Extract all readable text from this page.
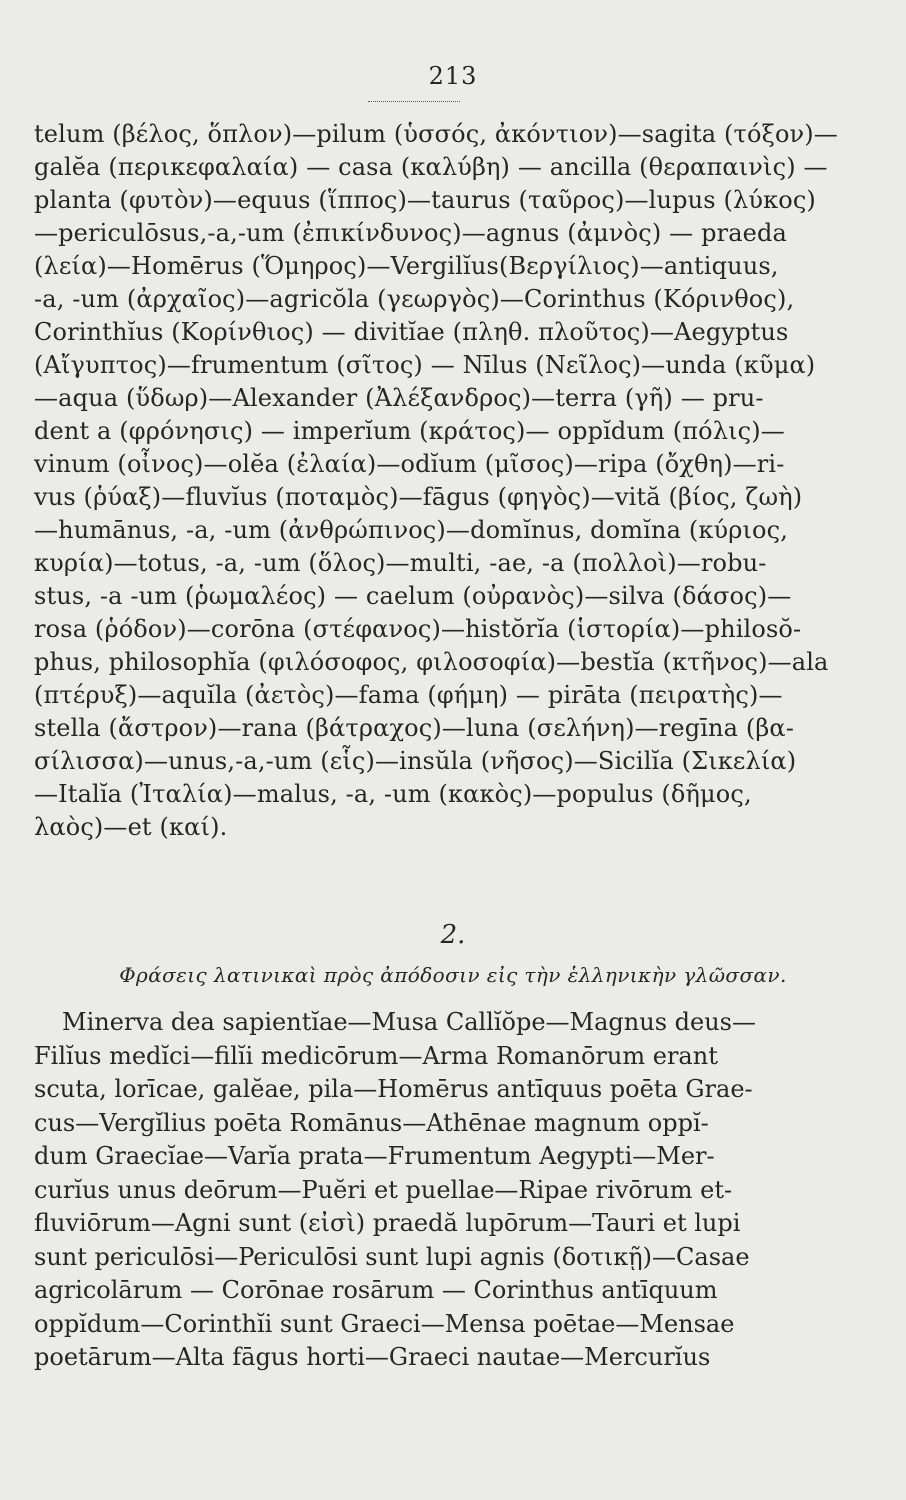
213
telum (βέλος, ὅπλον)—pilum (ὑσσός, ἀκόντιον)—sagita (τόξον)—
galĕa (περικεφαλαία) — casa (καλύβη) — ancilla (θεραπαινὶς) —
planta (φυτὸν)—equus (ἵππος)—taurus (ταῦρος)—lupus (λύκος)
—periculōsus,-a,-um (ἐπικίνδυνος)—agnus (ἀμνὸς) — praeda
(λεία)—Homērus (Ὅμηρος)—Vergilĭus(Βεργίλιος)—antiquus,
-a, -um (ἀρχαῖος)—agricŏla (γεωργὸς)—Corinthus (Κόρινθος),
Corinthĭus (Κορίνθιος) — divitĭae (πληθ. πλοῦτος)—Aegyptus
(Αἴγυπτος)—frumentum (σῖτος) — Nīlus (Νεῖλος)—unda (κῦμα)
—aqua (ὕδωρ)—Alexander (Ἀλέξανδρος)—terra (γῆ) — pru-
dent a (φρόνησις) — imperĭum (κράτος)— oppĭdum (πόλις)—
vinum (οἶνος)—olĕa (ἐλαία)—odĭum (μῖσος)—ripa (ὄχθη)—ri-
vus (ῥύαξ)—fluvĭus (ποταμὸς)—fāgus (φηγὸς)—vită (βίος, ζωὴ)
—humānus, -a, -um (ἀνθρώπινος)—domĭnus, domĭna (κύριος,
κυρία)—totus, -a, -um (ὅλος)—multi, -ae, -a (πολλοὶ)—robu-
stus, -a -um (ῥωμαλέος) — caelum (οὐρανὸς)—silva (δάσος)—
rosa (ῥόδον)—corōna (στέφανος)—histŏrĭa (ἱστορία)—philosŏ-
phus, philosophĭa (φιλόσοφος, φιλοσοφία)—bestĭa (κτῆνος)—ala
(πτέρυξ)—aquĭla (ἀετὸς)—fama (φήμη) — pirāta (πειρατὴς)—
stella (ἄστρον)—rana (βάτραχος)—luna (σελήνη)—regīna (βα-
σίλισσα)—unus,-a,-um (εἷς)—insŭla (νῆσος)—Sicilĭa (Σικελία)
—Italĭa (Ἰταλία)—malus, -a, -um (κακὸς)—populus (δῆμος,
λαὸς)—et (καί).
2.
Φράσεις λατινικαὶ πρὸς ἀπόδοσιν εἰς τὴν ἑλληνικὴν γλῶσσαν.
Minerva dea sapientĭae—Musa Callĭŏpe—Magnus deus—
Filĭus medĭci—filĭi medicōrum—Arma Romanōrum erant
scuta, lorīcae, galĕae, pila—Homērus antīquus poēta Grae-
cus—Vergĭlius poēta Romānus—Athēnae magnum oppĭ-
dum Graecĭae—Varĭa prata—Frumentum Aegypti—Mer-
curĭus unus deōrum—Puĕri et puellae—Ripae rivōrum et-
fluviōrum—Agni sunt (εἰσὶ) praedă lupōrum—Tauri et lupi
sunt periculōsi—Periculōsi sunt lupi agnis (δοτικῇ)—Casae
agricolārum — Corōnae rosārum — Corinthus antīquum
oppĭdum—Corinthĭi sunt Graeci—Mensa poētae—Mensae
poetārum—Alta fāgus horti—Graeci nautae—Mercurĭus
